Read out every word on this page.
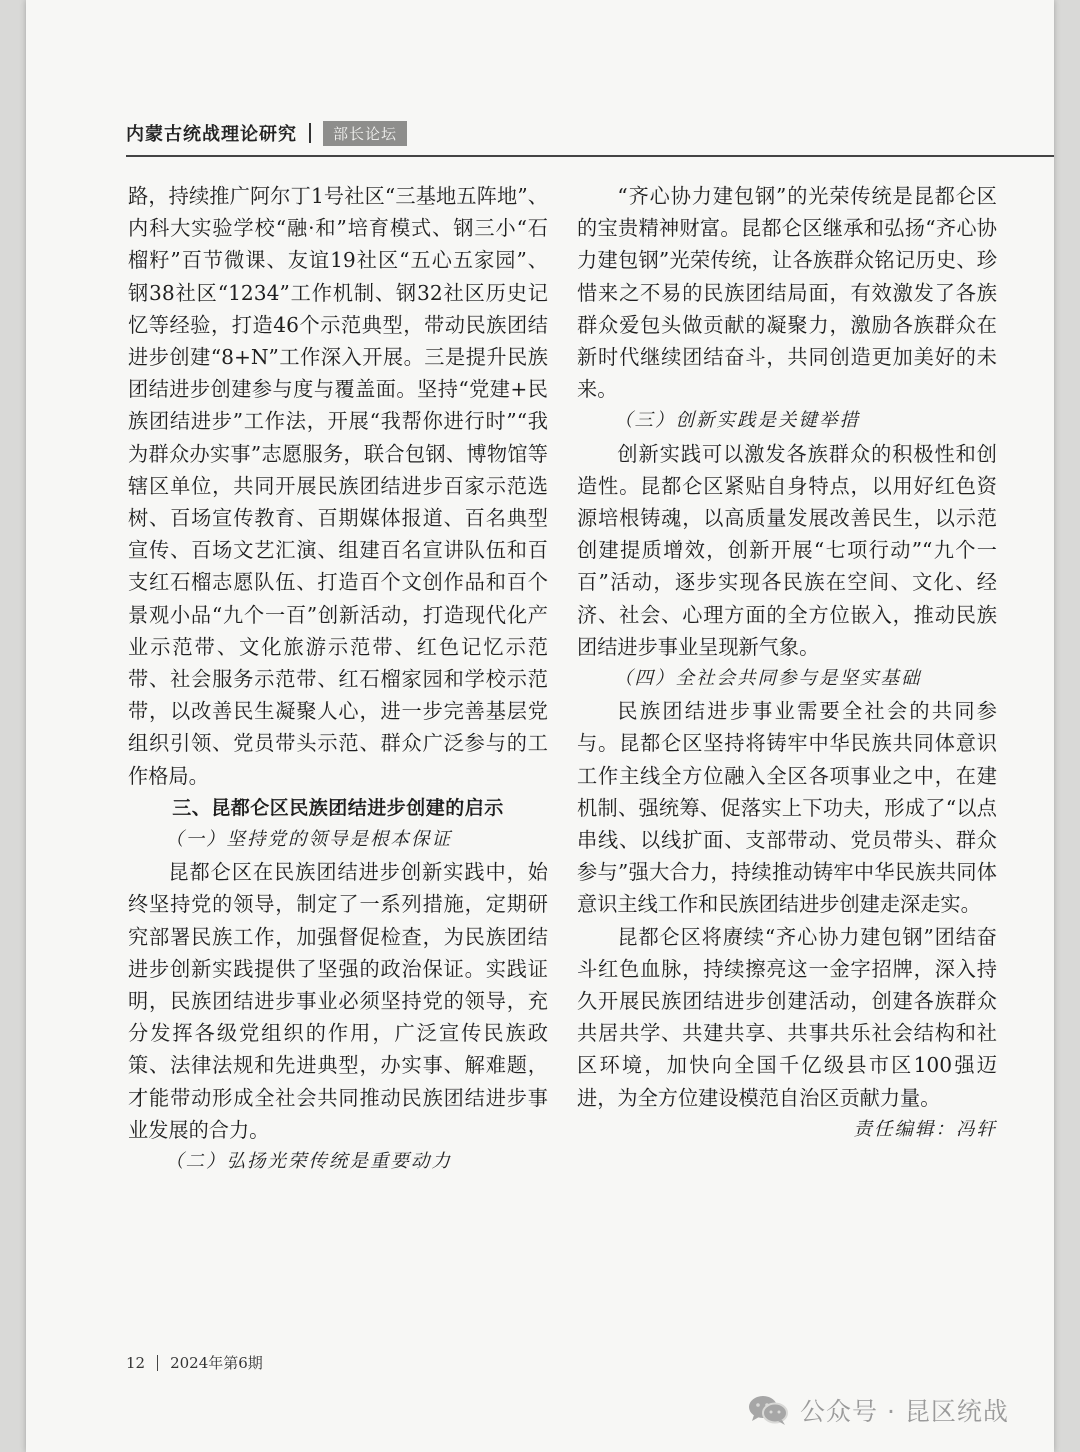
内蒙古统战理论研究	部长论坛

路，持续推广阿尔丁1号社区“三基地五阵地”、内科大实验学校“融·和”培育模式、钢三小“石榴籽”百节微课、友谊19社区“五心五家园”、钢38社区“1234”工作机制、钢32社区历史记忆等经验，打造46个示范典型，带动民族团结进步创建“8+N”工作深入开展。三是提升民族团结进步创建参与度与覆盖面。坚持“党建+民族团结进步”工作法，开展“我帮你进行时”“我为群众办实事”志愿服务，联合包钢、博物馆等辖区单位，共同开展民族团结进步百家示范选树、百场宣传教育、百期媒体报道、百名典型宣传、百场文艺汇演、组建百名宣讲队伍和百支红石榴志愿队伍、打造百个文创作品和百个景观小品“九个一百”创新活动，打造现代化产业示范带、文化旅游示范带、红色记忆示范带、社会服务示范带、红石榴家园和学校示范带，以改善民生凝聚人心，进一步完善基层党组织引领、党员带头示范、群众广泛参与的工作格局。

三、昆都仑区民族团结进步创建的启示
（一）坚持党的领导是根本保证

昆都仑区在民族团结进步创新实践中，始终坚持党的领导，制定了一系列措施，定期研究部署民族工作，加强督促检查，为民族团结进步创新实践提供了坚强的政治保证。实践证明，民族团结进步事业必须坚持党的领导，充分发挥各级党组织的作用，广泛宣传民族政策、法律法规和先进典型，办实事、解难题，才能带动形成全社会共同推动民族团结进步事业发展的合力。

（二）弘扬光荣传统是重要动力

“齐心协力建包钢”的光荣传统是昆都仑区的宝贵精神财富。昆都仑区继承和弘扬“齐心协力建包钢”光荣传统，让各族群众铭记历史、珍惜来之不易的民族团结局面，有效激发了各族群众爱包头做贡献的凝聚力，激励各族群众在新时代继续团结奋斗，共同创造更加美好的未来。

（三）创新实践是关键举措

创新实践可以激发各族群众的积极性和创造性。昆都仑区紧贴自身特点，以用好红色资源培根铸魂，以高质量发展改善民生，以示范创建提质增效，创新开展“七项行动”“九个一百”活动，逐步实现各民族在空间、文化、经济、社会、心理方面的全方位嵌入，推动民族团结进步事业呈现新气象。

（四）全社会共同参与是坚实基础

民族团结进步事业需要全社会的共同参与。昆都仑区坚持将铸牢中华民族共同体意识工作主线全方位融入全区各项事业之中，在建机制、强统筹、促落实上下功夫，形成了“以点串线、以线扩面、支部带动、党员带头、群众参与”强大合力，持续推动铸牢中华民族共同体意识主线工作和民族团结进步创建走深走实。

昆都仑区将赓续“齐心协力建包钢”团结奋斗红色血脉，持续擦亮这一金字招牌，深入持久开展民族团结进步创建活动，创建各族群众共居共学、共建共享、共事共乐社会结构和社区环境，加快向全国千亿级县市区100强迈进，为全方位建设模范自治区贡献力量。

责任编辑：冯轩
12 2024年第6期
公众号 · 昆区统战
